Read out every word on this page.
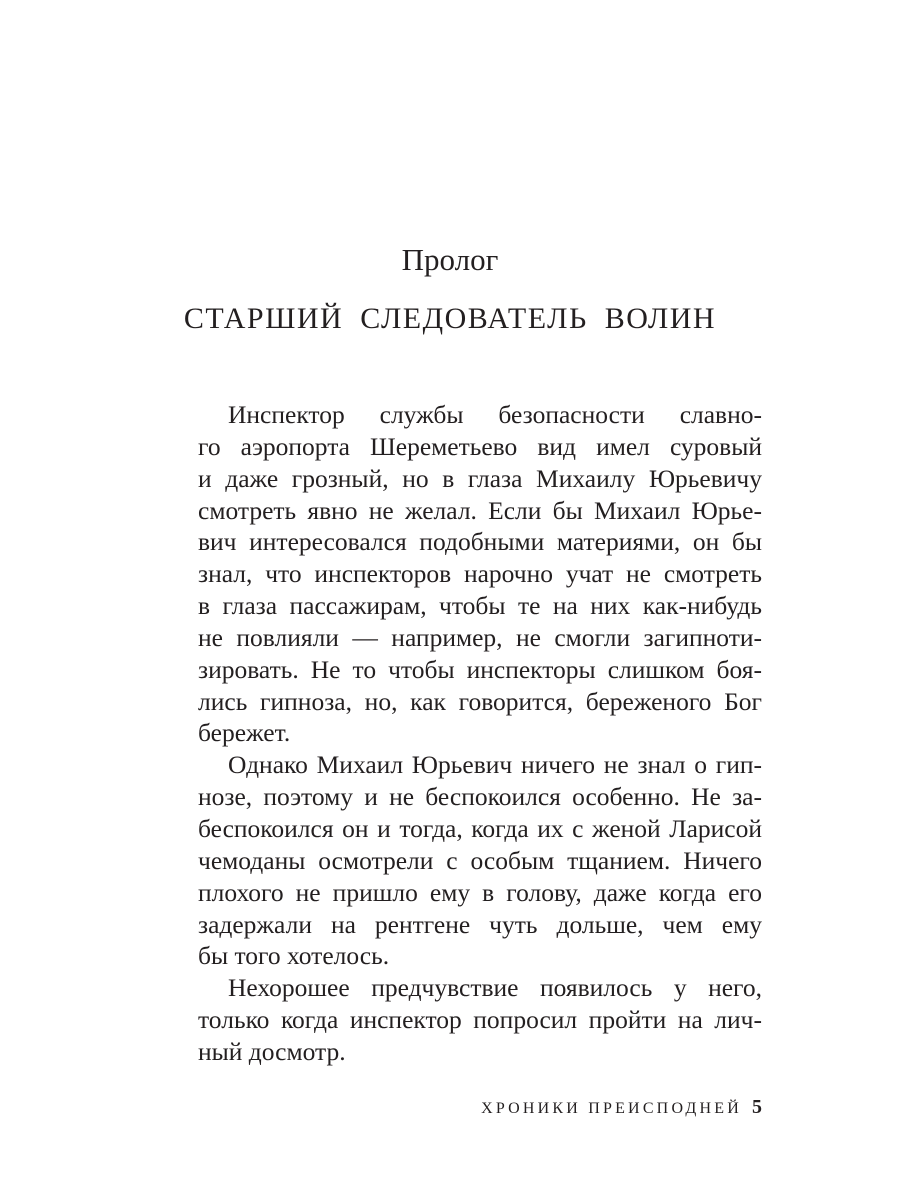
Пролог
СТАРШИЙ СЛЕДОВАТЕЛЬ ВОЛИН
Инспектор службы безопасности славно-
го аэропорта Шереметьево вид имел суровый
и даже грозный, но в глаза Михаилу Юрьевичу
смотреть явно не желал. Если бы Михаил Юрье-
вич интересовался подобными материями, он бы
знал, что инспекторов нарочно учат не смотреть
в глаза пассажирам, чтобы те на них как-нибудь
не повлияли — например, не смогли загипноти-
зировать. Не то чтобы инспекторы слишком боя-
лись гипноза, но, как говорится, береженого Бог
бережет.
Однако Михаил Юрьевич ничего не знал о гип-
нозе, поэтому и не беспокоился особенно. Не за-
беспокоился он и тогда, когда их с женой Ларисой
чемоданы осмотрели с особым тщанием. Ничего
плохого не пришло ему в голову, даже когда его
задержали на рентгене чуть дольше, чем ему
бы того хотелось.
Нехорошее предчувствие появилось у него,
только когда инспектор попросил пройти на лич-
ный досмотр.
ХРОНИКИ ПРЕИСПОДНЕЙ 5
